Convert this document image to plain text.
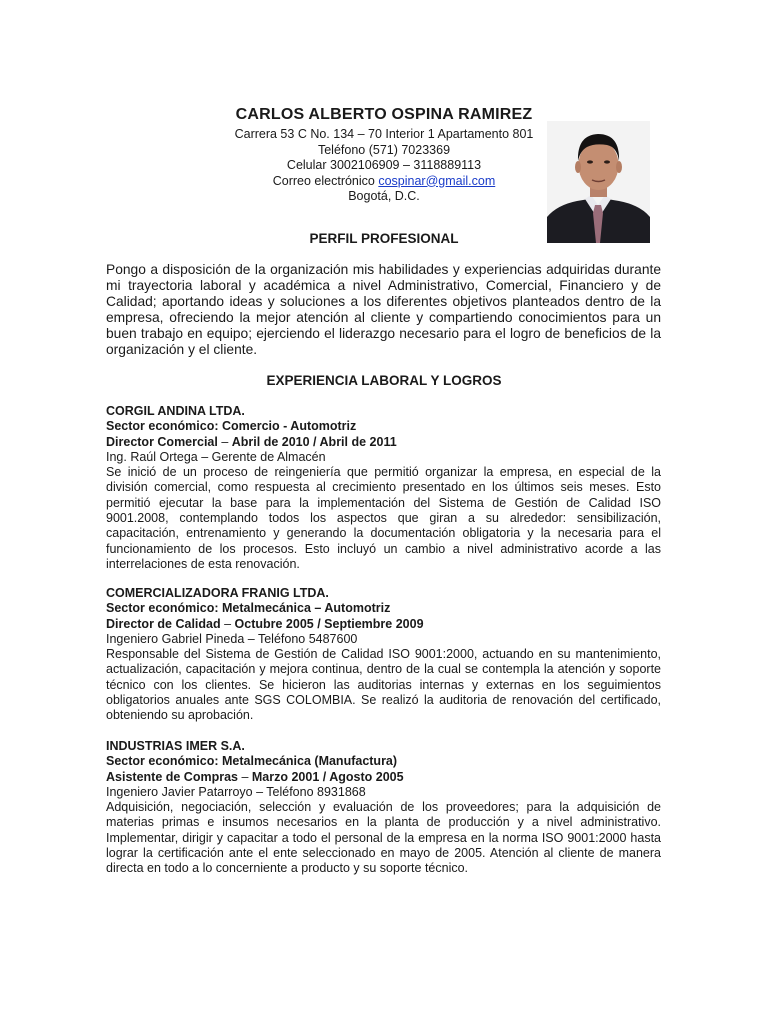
CARLOS ALBERTO OSPINA RAMIREZ
Carrera 53 C No. 134 – 70 Interior 1 Apartamento 801
Teléfono (571) 7023369
Celular 3002106909 – 3118889113
Correo electrónico cospinar@gmail.com
Bogotá, D.C.
PERFIL PROFESIONAL
Pongo a disposición de la organización mis habilidades y experiencias adquiridas durante mi trayectoria laboral y académica a nivel Administrativo, Comercial, Financiero y de Calidad; aportando ideas y soluciones a los diferentes objetivos planteados dentro de la empresa, ofreciendo la mejor atención al cliente y compartiendo conocimientos para un buen trabajo en equipo; ejerciendo el liderazgo necesario para el logro de beneficios de la organización y el cliente.
EXPERIENCIA LABORAL Y LOGROS
CORGIL ANDINA LTDA.
Sector económico: Comercio - Automotriz
Director Comercial – Abril de 2010 / Abril de 2011
Ing. Raúl Ortega – Gerente de Almacén
Se inició de un proceso de reingeniería que permitió organizar la empresa, en especial de la división comercial, como respuesta al crecimiento presentado en los últimos seis meses. Esto permitió ejecutar la base para la implementación del Sistema de Gestión de Calidad ISO 9001.2008, contemplando todos los aspectos que giran a su alrededor: sensibilización, capacitación, entrenamiento y generando la documentación obligatoria y la necesaria para el funcionamiento de los procesos. Esto incluyó un cambio a nivel administrativo acorde a las interrelaciones de esta renovación.
COMERCIALIZADORA FRANIG LTDA.
Sector económico: Metalmecánica – Automotriz
Director de Calidad – Octubre 2005 / Septiembre 2009
Ingeniero Gabriel Pineda – Teléfono 5487600
Responsable del Sistema de Gestión de Calidad ISO 9001:2000, actuando en su mantenimiento, actualización, capacitación y mejora continua, dentro de la cual se contempla la atención y soporte técnico con los clientes. Se hicieron las auditorias internas y externas en los seguimientos obligatorios anuales ante SGS COLOMBIA. Se realizó la auditoria de renovación del certificado, obteniendo su aprobación.
INDUSTRIAS IMER S.A.
Sector económico: Metalmecánica (Manufactura)
Asistente de Compras – Marzo 2001 / Agosto 2005
Ingeniero Javier Patarroyo – Teléfono 8931868
Adquisición, negociación, selección y evaluación de los proveedores; para la adquisición de materias primas e insumos necesarios en la planta de producción y a nivel administrativo. Implementar, dirigir y capacitar a todo el personal de la empresa en la norma ISO 9001:2000 hasta lograr la certificación ante el ente seleccionado en mayo de 2005. Atención al cliente de manera directa en todo a lo concerniente a producto y su soporte técnico.
